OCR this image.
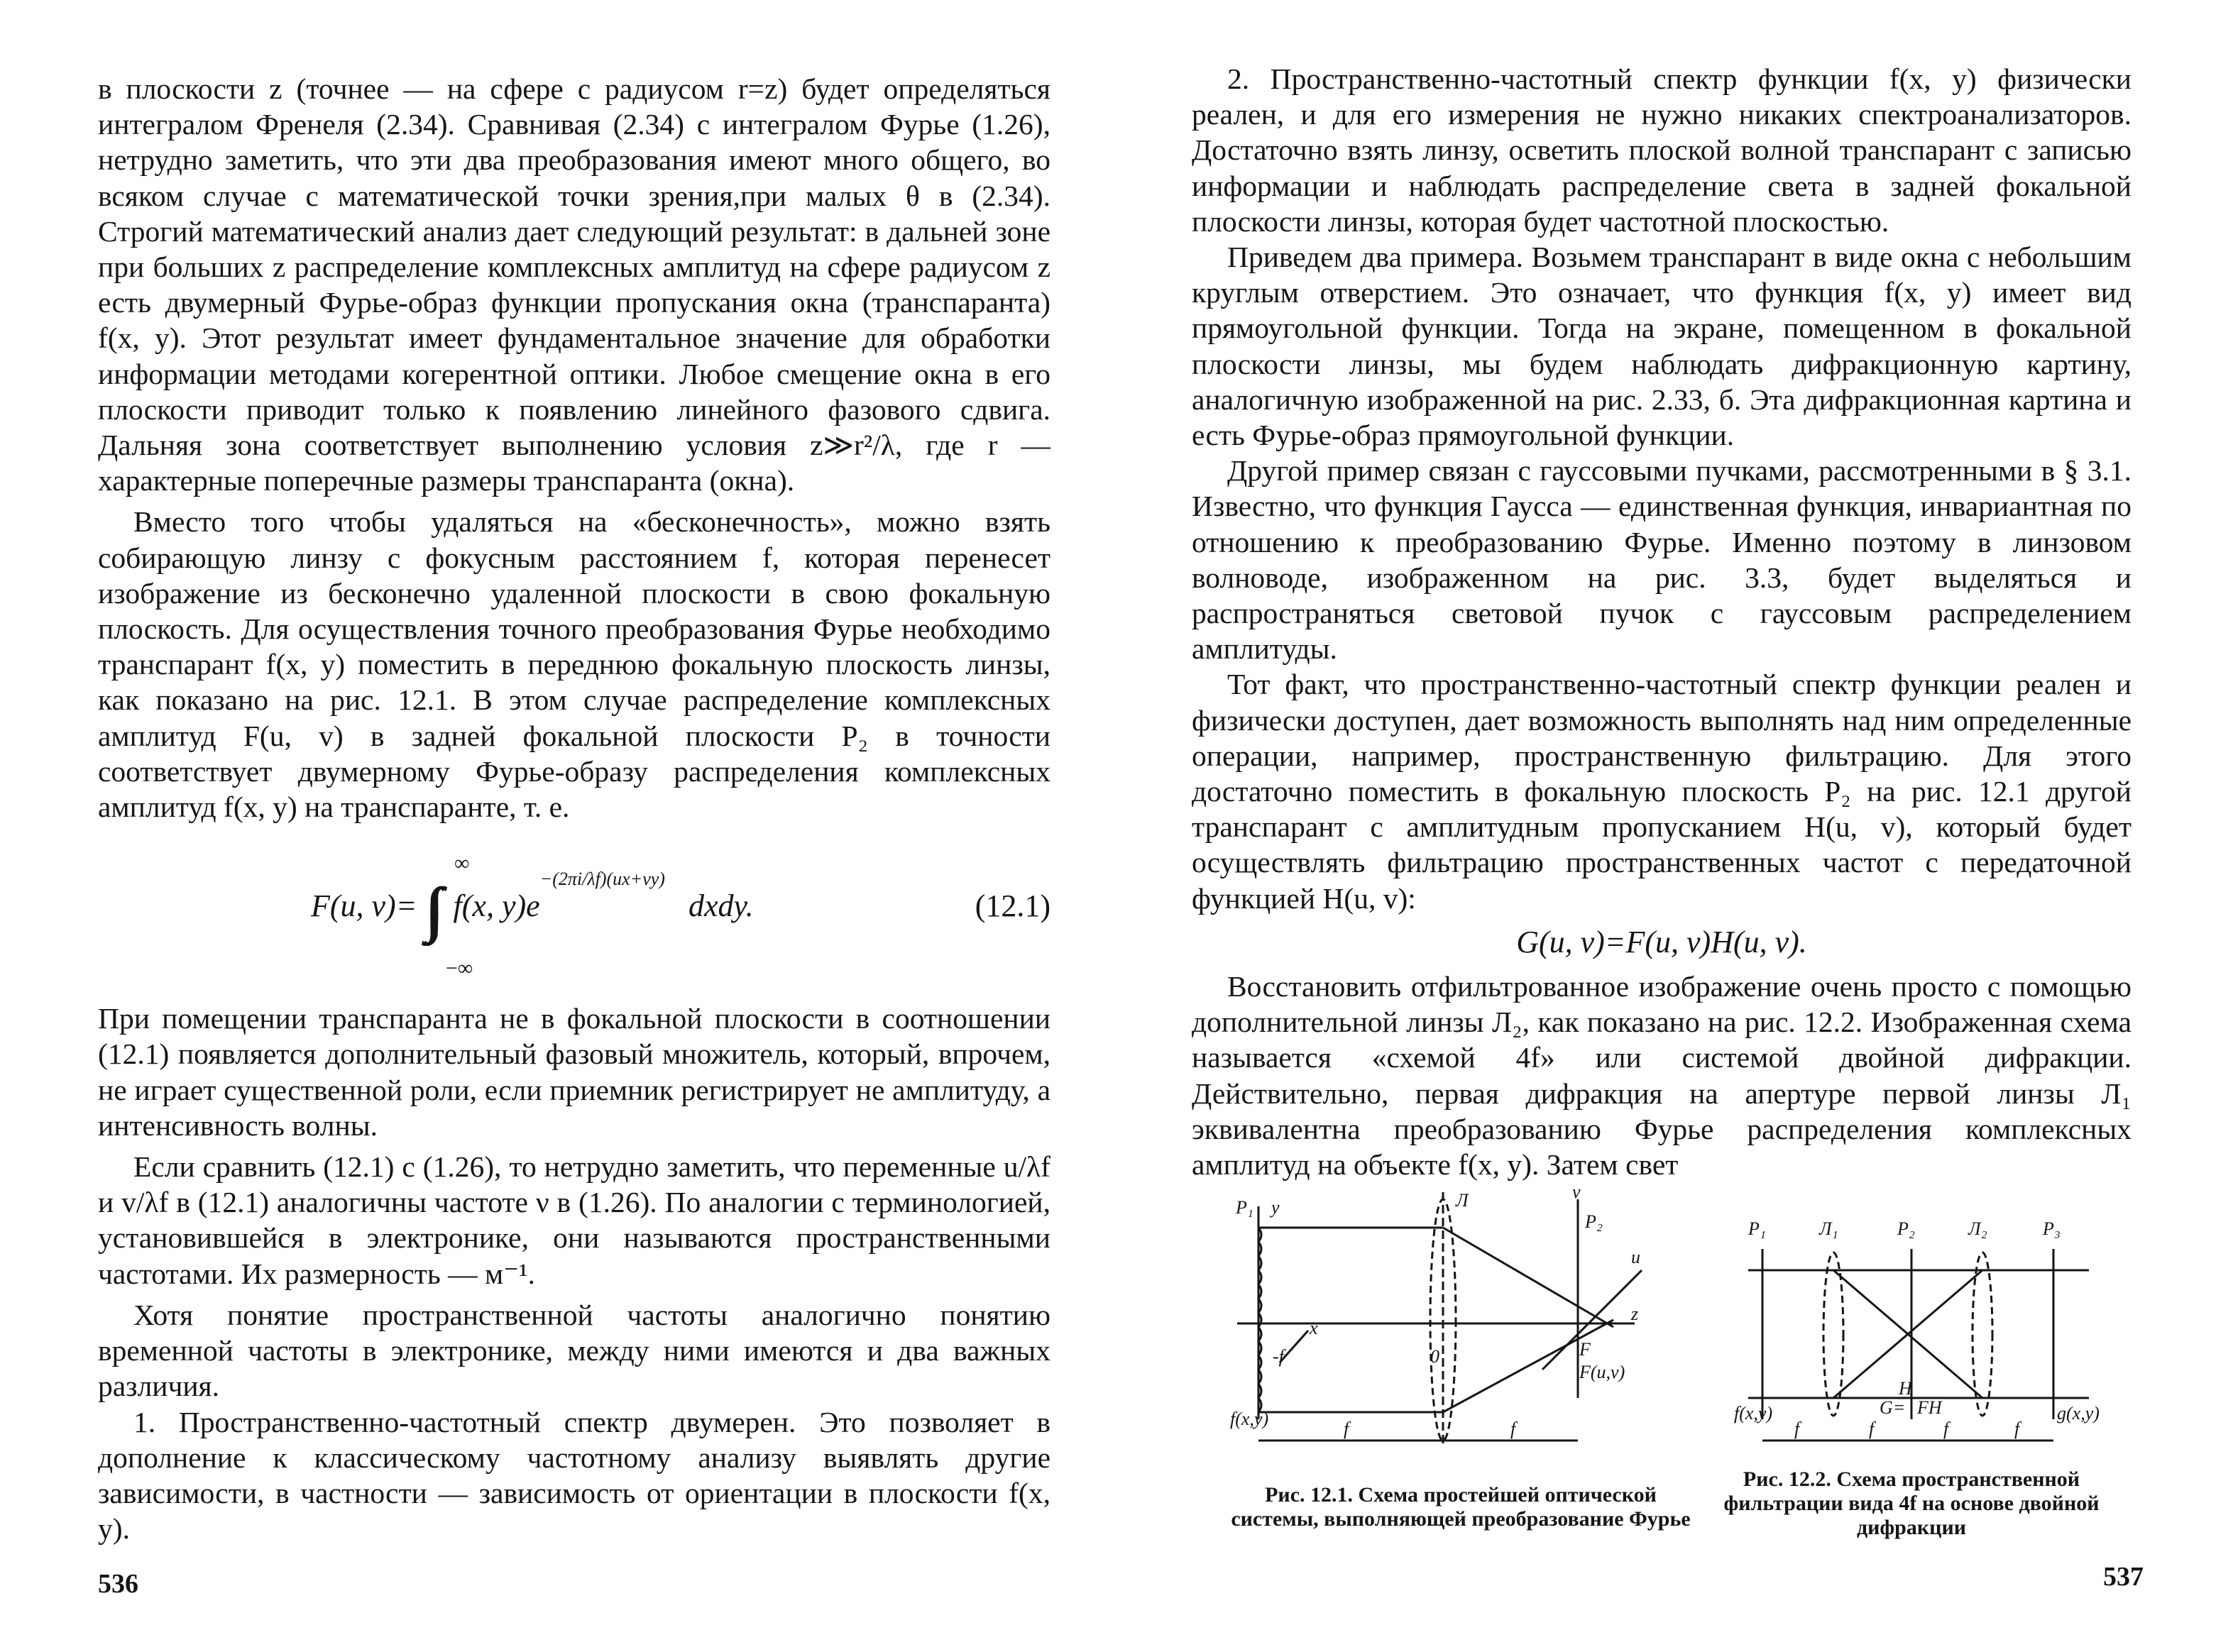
в плоскости z (точнее — на сфере с радиусом r=z) будет определяться интегралом Френеля (2.34). Сравнивая (2.34) с интегралом Фурье (1.26), нетрудно заметить, что эти два преобразования имеют много общего, во всяком случае с математической точки зрения,при малых θ в (2.34). Строгий математический анализ дает следующий результат: в дальней зоне при больших z распределение комплексных амплитуд на сфере радиусом z есть двумерный Фурье-образ функции пропускания окна (транспаранта) f(x, y). Этот результат имеет фундаментальное значение для обработки информации методами когерентной оптики. Любое смещение окна в его плоскости приводит только к появлению линейного фазового сдвига. Дальняя зона соответствует выполнению условия z≫r²/λ, где r — характерные поперечные размеры транспаранта (окна).

Вместо того чтобы удаляться на «бесконечность», можно взять собирающую линзу с фокусным расстоянием f, которая перенесет изображение из бесконечно удаленной плоскости в свою фокальную плоскость. Для осуществления точного преобразования Фурье необходимо транспарант f(x, y) поместить в переднюю фокальную плоскость линзы, как показано на рис. 12.1. В этом случае распределение комплексных амплитуд F(u, v) в задней фокальной плоскости P₂ в точности соответствует двумерному Фурье-образу распределения комплексных амплитуд f(x, y) на транспаранте, т. е.

F(u, v)=
∞
∫∫
−∞
f(x, $y)e^{-(2\pi i/\lambda f)(ux+vy)}$   dxdy.	(12.1)

При помещении транспаранта не в фокальной плоскости в соотношении (12.1) появляется дополнительный фазовый множитель, который, впрочем, не играет существенной роли, если приемник регистрирует не амплитуду, а интенсивность волны.

Если сравнить (12.1) с (1.26), то нетрудно заметить, что переменные u/λf и v/λf в (12.1) аналогичны частоте ν в (1.26). По аналогии с терминологией, установившейся в электронике, они называются пространственными частотами. Их размерность — м⁻¹.

Хотя понятие пространственной частоты аналогично понятию временной частоты в электронике, между ними имеются и два важных различия.

1. Пространственно-частотный спектр двумерен. Это позволяет в дополнение к классическому частотному анализу выявлять другие зависимости, в частности — зависимость от ориентации в плоскости f(x, y).

536

2. Пространственно-частотный спектр функции f(x, y) физически реален, и для его измерения не нужно никаких спектроанализаторов. Достаточно взять линзу, осветить плоской волной транспарант с записью информации и наблюдать распределение света в задней фокальной плоскости линзы, которая будет частотной плоскостью.

Приведем два примера. Возьмем транспарант в виде окна с небольшим круглым отверстием. Это означает, что функция f(x, y) имеет вид прямоугольной функции. Тогда на экране, помещенном в фокальной плоскости линзы, мы будем наблюдать дифракционную картину, аналогичную изображенной на рис. 2.33, б. Эта дифракционная картина и есть Фурье-образ прямоугольной функции.

Другой пример связан с гауссовыми пучками, рассмотренными в § 3.1. Известно, что функция Гаусса — единственная функция, инвариантная по отношению к преобразованию Фурье. Именно поэтому в линзовом волноводе, изображенном на рис. 3.3, будет выделяться и распространяться световой пучок с гауссовым распределением амплитуды.

Тот факт, что пространственно-частотный спектр функции реален и физически доступен, дает возможность выполнять над ним определенные операции, например, пространственную фильтрацию. Для этого достаточно поместить в фокальную плоскость P₂ на рис. 12.1 другой транспарант с амплитудным пропусканием H(u, v), который будет осуществлять фильтрацию пространственных частот с передаточной функцией H(u, v):

G(u, v)=F(u, v)H(u, v).

Восстановить отфильтрованное изображение очень просто с помощью дополнительной линзы Л₂, как показано на рис. 12.2. Изображенная схема называется «схемой 4f» или системой двойной дифракции. Действительно, первая дифракция на апертуре первой линзы Л₁ эквивалентна преобразованию Фурье распределения комплексных амплитуд на объекте f(x, y). Затем свет

P₁ y	Л	v
P₂
u
x
z
-f	0	F
F(u,v)
f(x,y)	f	f
Рис. 12.1. Схема простейшей оптической системы, выполняющей преобразование Фурье
P₁	Л₁	P₂	Л₂	P₃
f(x,y)	g(x,y)
H
G= FH
f	f	f	f
Рис. 12.2. Схема пространственной фильтрации вида 4f на основе двойной дифракции
537
